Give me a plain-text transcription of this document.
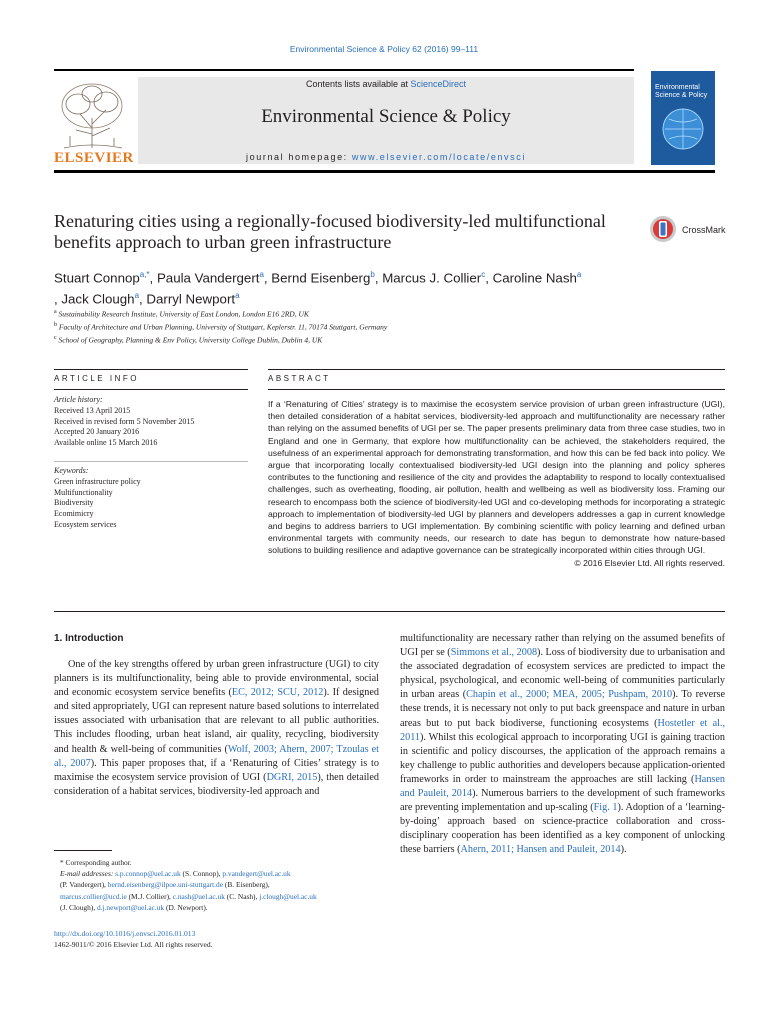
Environmental Science & Policy 62 (2016) 99–111
ELSEVIER
Contents lists available at ScienceDirect
Environmental Science & Policy
journal homepage: www.elsevier.com/locate/envsci
Environmental Science & Policy
Renaturing cities using a regionally-focused biodiversity-led multifunctional benefits approach to urban green infrastructure
CrossMark
Stuart Connop$^{a,*}$, Paula Vandergert$^a$, Bernd Eisenberg$^b$, Marcus J. Collier$^c$, Caroline Nash$^a$
, Jack Clough$^a$, Darryl Newport$^a$
$^a$ Sustainability Research Institute, University of East London, London E16 2RD, UK
$^b$ Faculty of Architecture and Urban Planning, University of Stuttgart, Keplerstr. 11, 70174 Stuttgart, Germany
$^c$ School of Geography, Planning & Env Policy, University College Dublin, Dublin 4, UK
ARTICLE INFO
Article history:
Received 13 April 2015
Received in revised form 5 November 2015
Accepted 20 January 2016
Available online 15 March 2016
Keywords:
Green infrastructure policy
Multifunctionality
Biodiversity
Ecomimicry
Ecosystem services
ABSTRACT
If a ‘Renaturing of Cities’ strategy is to maximise the ecosystem service provision of urban green infrastructure (UGI), then detailed consideration of a habitat services, biodiversity-led approach and multifunctionality are necessary rather than relying on the assumed benefits of UGI per se. The paper presents preliminary data from three case studies, two in England and one in Germany, that explore how multifunctionality can be achieved, the stakeholders required, the usefulness of an experimental approach for demonstrating transformation, and how this can be fed back into policy. We argue that incorporating locally contextualised biodiversity-led UGI design into the planning and policy spheres contributes to the functioning and resilience of the city and provides the adaptability to respond to locally contextualised challenges, such as overheating, flooding, air pollution, health and wellbeing as well as biodiversity loss. Framing our research to encompass both the science of biodiversity-led UGI and co-developing methods for incorporating a strategic approach to implementation of biodiversity-led UGI by planners and developers addresses a gap in current knowledge and begins to address barriers to UGI implementation. By combining scientific with policy learning and defined urban environmental targets with community needs, our research to date has begun to demonstrate how nature-based solutions to building resilience and adaptive governance can be strategically incorporated within cities through UGI.
© 2016 Elsevier Ltd. All rights reserved.
1. Introduction

One of the key strengths offered by urban green infrastructure (UGI) to city planners is its multifunctionality, being able to provide environmental, social and economic ecosystem service benefits (EC, 2012; SCU, 2012). If designed and sited appropriately, UGI can represent nature based solutions to interrelated issues associated with urbanisation that are relevant to all public authorities. This includes flooding, urban heat island, air quality, recycling, biodiversity and health & well-being of communities (Wolf, 2003; Ahern, 2007; Tzoulas et al., 2007). This paper proposes that, if a ‘Renaturing of Cities’ strategy is to maximise the ecosystem service provision of UGI (DGRI, 2015), then detailed consideration of a habitat services, biodiversity-led approach and

multifunctionality are necessary rather than relying on the assumed benefits of UGI per se (Simmons et al., 2008). Loss of biodiversity due to urbanisation and the associated degradation of ecosystem services are predicted to impact the physical, psychological, and economic well-being of communities particularly in urban areas (Chapin et al., 2000; MEA, 2005; Pushpam, 2010). To reverse these trends, it is necessary not only to put back greenspace and nature in urban areas but to put back biodiverse, functioning ecosystems (Hostetler et al., 2011). Whilst this ecological approach to incorporating UGI is gaining traction in scientific and policy discourses, the application of the approach remains a key challenge to public authorities and developers because application-oriented frameworks in order to mainstream the approaches are still lacking (Hansen and Pauleit, 2014). Numerous barriers to the development of such frameworks are preventing implementation and up-scaling (Fig. 1). Adoption of a ‘learning-by-doing’ approach based on science-practice collaboration and cross-disciplinary cooperation has been identified as a key component of unlocking these barriers (Ahern, 2011; Hansen and Pauleit, 2014).

* Corresponding author.
E-mail addresses: s.p.connop@uel.ac.uk (S. Connop), p.vandegert@uel.ac.uk
(P. Vandergert), bernd.eisenberg@ilpoe.uni-stuttgart.de (B. Eisenberg),
marcus.collier@ucd.ie (M.J. Collier), c.nash@uel.ac.uk (C. Nash), j.clough@uel.ac.uk
(J. Clough), d.j.newport@uel.ac.uk (D. Newport).
http://dx.doi.org/10.1016/j.envsci.2016.01.013
1462-9011/© 2016 Elsevier Ltd. All rights reserved.
